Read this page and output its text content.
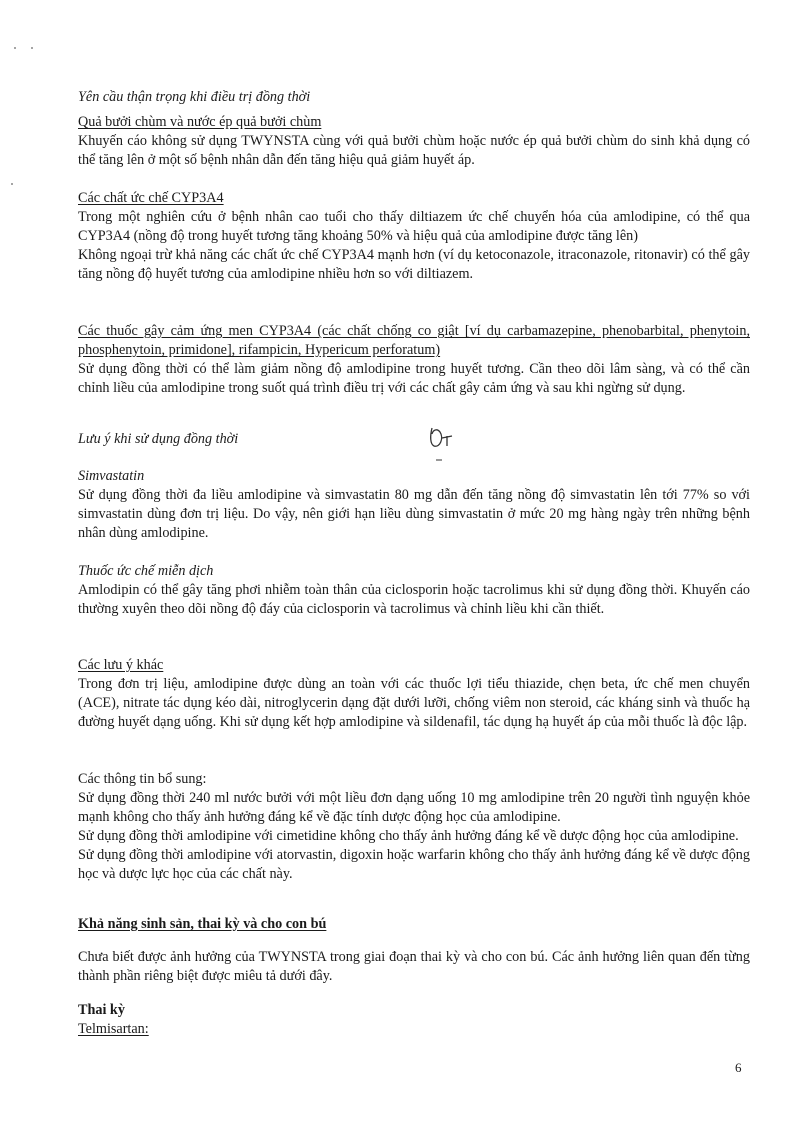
Yên cầu thận trọng khi điều trị đồng thời

Quả bưởi chùm và nước ép quả bưởi chùm
Khuyến cáo không sử dụng TWYNSTA cùng với quả bưởi chùm hoặc nước ép quả bưởi chùm do sinh khả dụng có thể tăng lên ở một số bệnh nhân dẫn đến tăng hiệu quả giảm huyết áp.

Các chất ức chế CYP3A4
Trong một nghiên cứu ở bệnh nhân cao tuổi cho thấy diltiazem ức chế chuyển hóa của amlodipine, có thể qua CYP3A4 (nồng độ trong huyết tương tăng khoảng 50% và hiệu quả của amlodipine được tăng lên)
Không ngoại trừ khả năng các chất ức chế CYP3A4 mạnh hơn (ví dụ ketoconazole, itraconazole, ritonavir) có thể gây tăng nồng độ huyết tương của amlodipine nhiều hơn so với diltiazem.

Các thuốc gây cảm ứng men CYP3A4 (các chất chống co giật [ví dụ carbamazepine, phenobarbital, phenytoin, phosphenytoin, primidone], rifampicin, Hypericum perforatum)
Sử dụng đồng thời có thể làm giảm nồng độ amlodipine trong huyết tương. Cần theo dõi lâm sàng, và có thể cần chỉnh liều của amlodipine trong suốt quá trình điều trị với các chất gây cảm ứng và sau khi ngừng sử dụng.

Lưu ý khi sử dụng đồng thời

Simvastatin
Sử dụng đồng thời đa liều amlodipine và simvastatin 80 mg dẫn đến tăng nồng độ simvastatin lên tới 77% so với simvastatin dùng đơn trị liệu. Do vậy, nên giới hạn liều dùng simvastatin ở mức 20 mg hàng ngày trên những bệnh nhân dùng amlodipine.

Thuốc ức chế miễn dịch
Amlodipin có thể gây tăng phơi nhiễm toàn thân của ciclosporin hoặc tacrolimus khi sử dụng đồng thời. Khuyến cáo thường xuyên theo dõi nồng độ đáy của ciclosporin và tacrolimus và chỉnh liều khi cần thiết.

Các lưu ý khác
Trong đơn trị liệu, amlodipine được dùng an toàn với các thuốc lợi tiểu thiazide, chẹn beta, ức chế men chuyển (ACE), nitrate tác dụng kéo dài, nitroglycerin dạng đặt dưới lưỡi, chống viêm non steroid, các kháng sinh và thuốc hạ đường huyết dạng uống. Khi sử dụng kết hợp amlodipine và sildenafil, tác dụng hạ huyết áp của mỗi thuốc là độc lập.

Các thông tin bổ sung:
Sử dụng đồng thời 240 ml nước bưởi với một liều đơn dạng uống 10 mg amlodipine trên 20 người tình nguyện khỏe mạnh không cho thấy ảnh hưởng đáng kể về đặc tính dược động học của amlodipine.
Sử dụng đồng thời amlodipine với cimetidine không cho thấy ảnh hưởng đáng kể về dược động học của amlodipine.
Sử dụng đồng thời amlodipine với atorvastin, digoxin hoặc warfarin không cho thấy ảnh hưởng đáng kể về dược động học và dược lực học của các chất này.

Khả năng sinh sản, thai kỳ và cho con bú

Chưa biết được ảnh hưởng của TWYNSTA trong giai đoạn thai kỳ và cho con bú. Các ảnh hưởng liên quan đến từng thành phần riêng biệt được miêu tả dưới đây.

Thai kỳ
Telmisartan:

6
